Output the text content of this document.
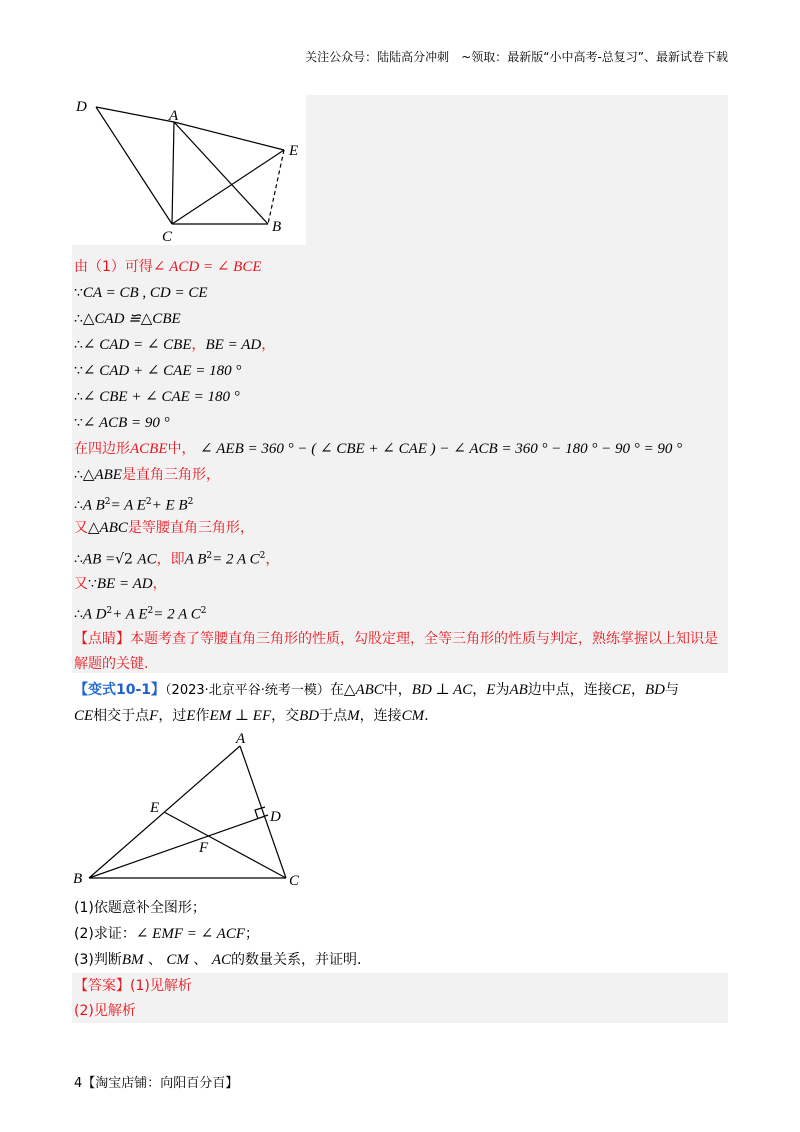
关注公众号：陆陆高分冲刺　~领取：最新版“小中高考-总复习”、最新试卷下载
D
A
E
C
B
由（1）可得∠ ACD = ∠ BCE
∵CA = CB , CD = CE
∴△CAD ≌△CBE
∴∠ CAD = ∠ CBE，BE = AD，
∵∠ CAD + ∠ CAE = 180 °
∴∠ CBE + ∠ CAE = 180 °
∵∠ ACB = 90 °
在四边形ACBE中， ∠ AEB = 360 ° − ( ∠ CBE + ∠ CAE ) − ∠ ACB = 360 ° − 180 ° − 90 ° = 90 °
∴△ABE是直角三角形，
∴A $B^2= A$ $E^2+ E$ $B^2$
又△ABC是等腰直角三角形，
∴AB =√2 AC，即A $B^2= 2$ A $C^2$，
又∵BE = AD，
∴A $D^2+ A$ $E^2= 2$ A $C^2$
【点睛】本题考查了等腰直角三角形的性质，勾股定理，全等三角形的性质与判定，熟练掌握以上知识是
解题的关键.
【变式10-1】（2023·北京平谷·统考一模）在△ABC中，BD ⊥ AC，E为AB边中点，连接CE，BD与
CE相交于点F，过E作EM ⊥ EF，交BD于点M，连接CM.
A
E
D
F
B	C
(1)依题意补全图形；
(2)求证：∠ EMF = ∠ ACF；
(3)判断BM 、 CM 、 AC的数量关系，并证明.
【答案】(1)见解析
(2)见解析
4【淘宝店铺：向阳百分百】
